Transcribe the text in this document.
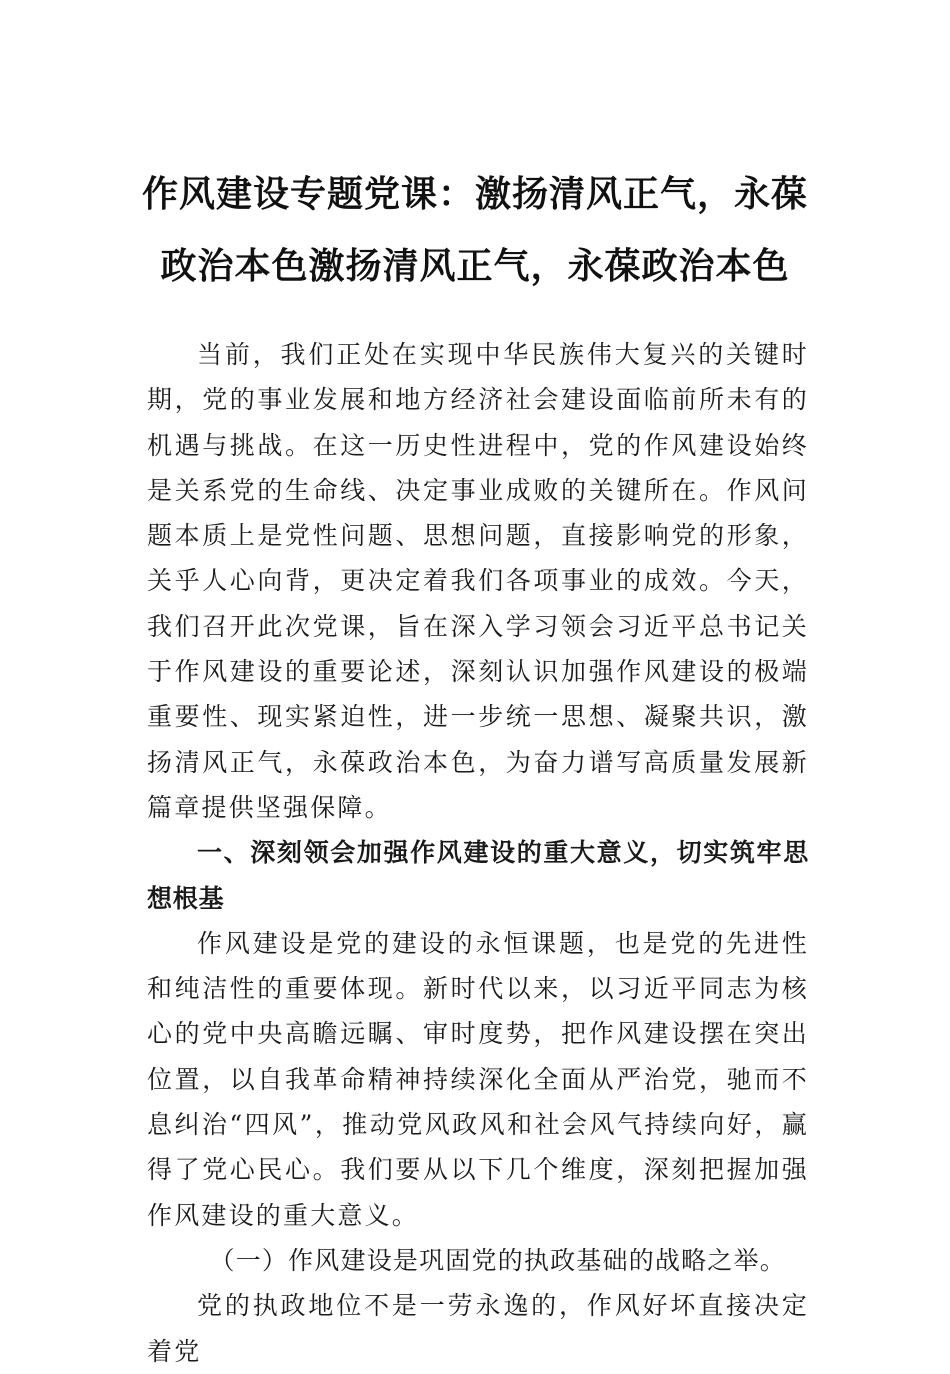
作风建设专题党课：激扬清风正气，永葆
政治本色激扬清风正气，永葆政治本色

当前，我们正处在实现中华民族伟大复兴的关键时期，党的事业发展和地方经济社会建设面临前所未有的机遇与挑战。在这一历史性进程中，党的作风建设始终是关系党的生命线、决定事业成败的关键所在。作风问题本质上是党性问题、思想问题，直接影响党的形象，关乎人心向背，更决定着我们各项事业的成效。今天，我们召开此次党课，旨在深入学习领会习近平总书记关于作风建设的重要论述，深刻认识加强作风建设的极端重要性、现实紧迫性，进一步统一思想、凝聚共识，激扬清风正气，永葆政治本色，为奋力谱写高质量发展新篇章提供坚强保障。

一、深刻领会加强作风建设的重大意义，切实筑牢思想根基

作风建设是党的建设的永恒课题，也是党的先进性和纯洁性的重要体现。新时代以来，以习近平同志为核心的党中央高瞻远瞩、审时度势，把作风建设摆在突出位置，以自我革命精神持续深化全面从严治党，驰而不息纠治“四风”，推动党风政风和社会风气持续向好，赢得了党心民心。我们要从以下几个维度，深刻把握加强作风建设的重大意义。

（一）作风建设是巩固党的执政基础的战略之举。

党的执政地位不是一劳永逸的，作风好坏直接决定着党
